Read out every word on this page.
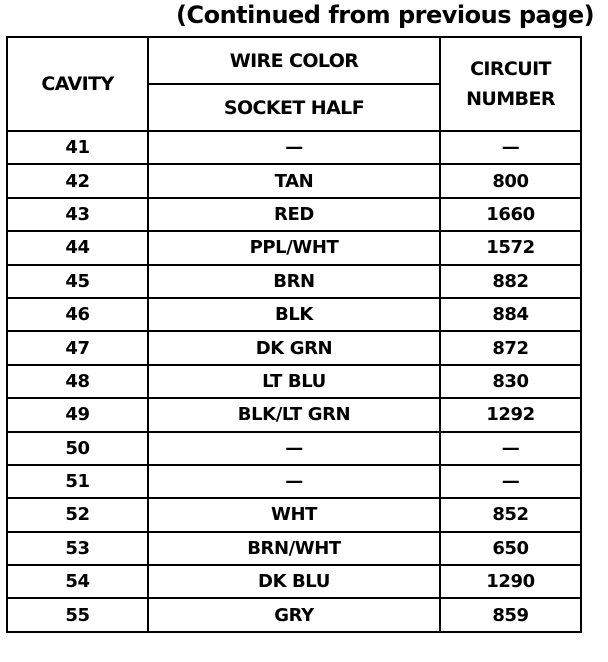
(Continued from previous page)
CAVITY	WIRE COLOR	CIRCUIT
NUMBER
	SOCKET HALF	
41	—	—
42	TAN	800
43	RED	1660
44	PPL/WHT	1572
45	BRN	882
46	BLK	884
47	DK GRN	872
48	LT BLU	830
49	BLK/LT GRN	1292
50	—	—
51	—	—
52	WHT	852
53	BRN/WHT	650
54	DK BLU	1290
55	GRY	859
